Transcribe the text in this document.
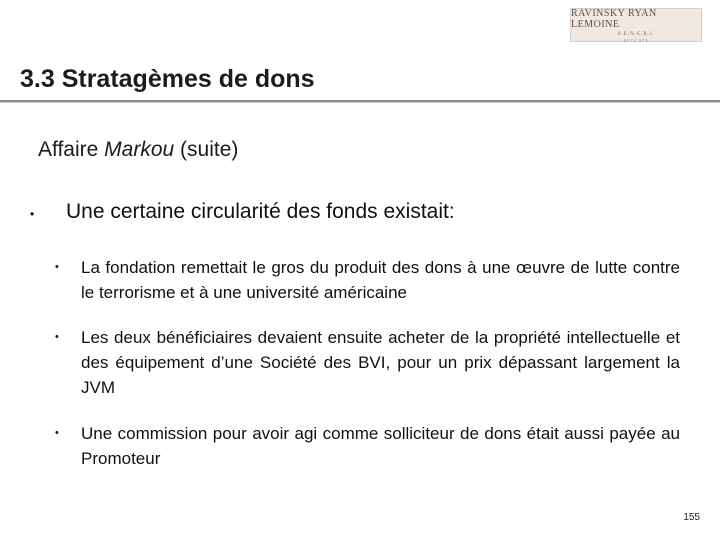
RAVINSKY RYAN LEMOINE
S.E.N.C.R.L
AVOCATS
3.3 Stratagèmes de dons
Affaire Markou (suite)
• Une certaine circularité des fonds existait:
• La fondation remettait le gros du produit des dons à une œuvre de lutte contre le terrorisme et à une université américaine
• Les deux bénéficiaires devaient ensuite acheter de la propriété intellectuelle et des équipement d’une Société des BVI, pour un prix dépassant largement la JVM
• Une commission pour avoir agi comme solliciteur de dons était aussi payée au Promoteur
155
